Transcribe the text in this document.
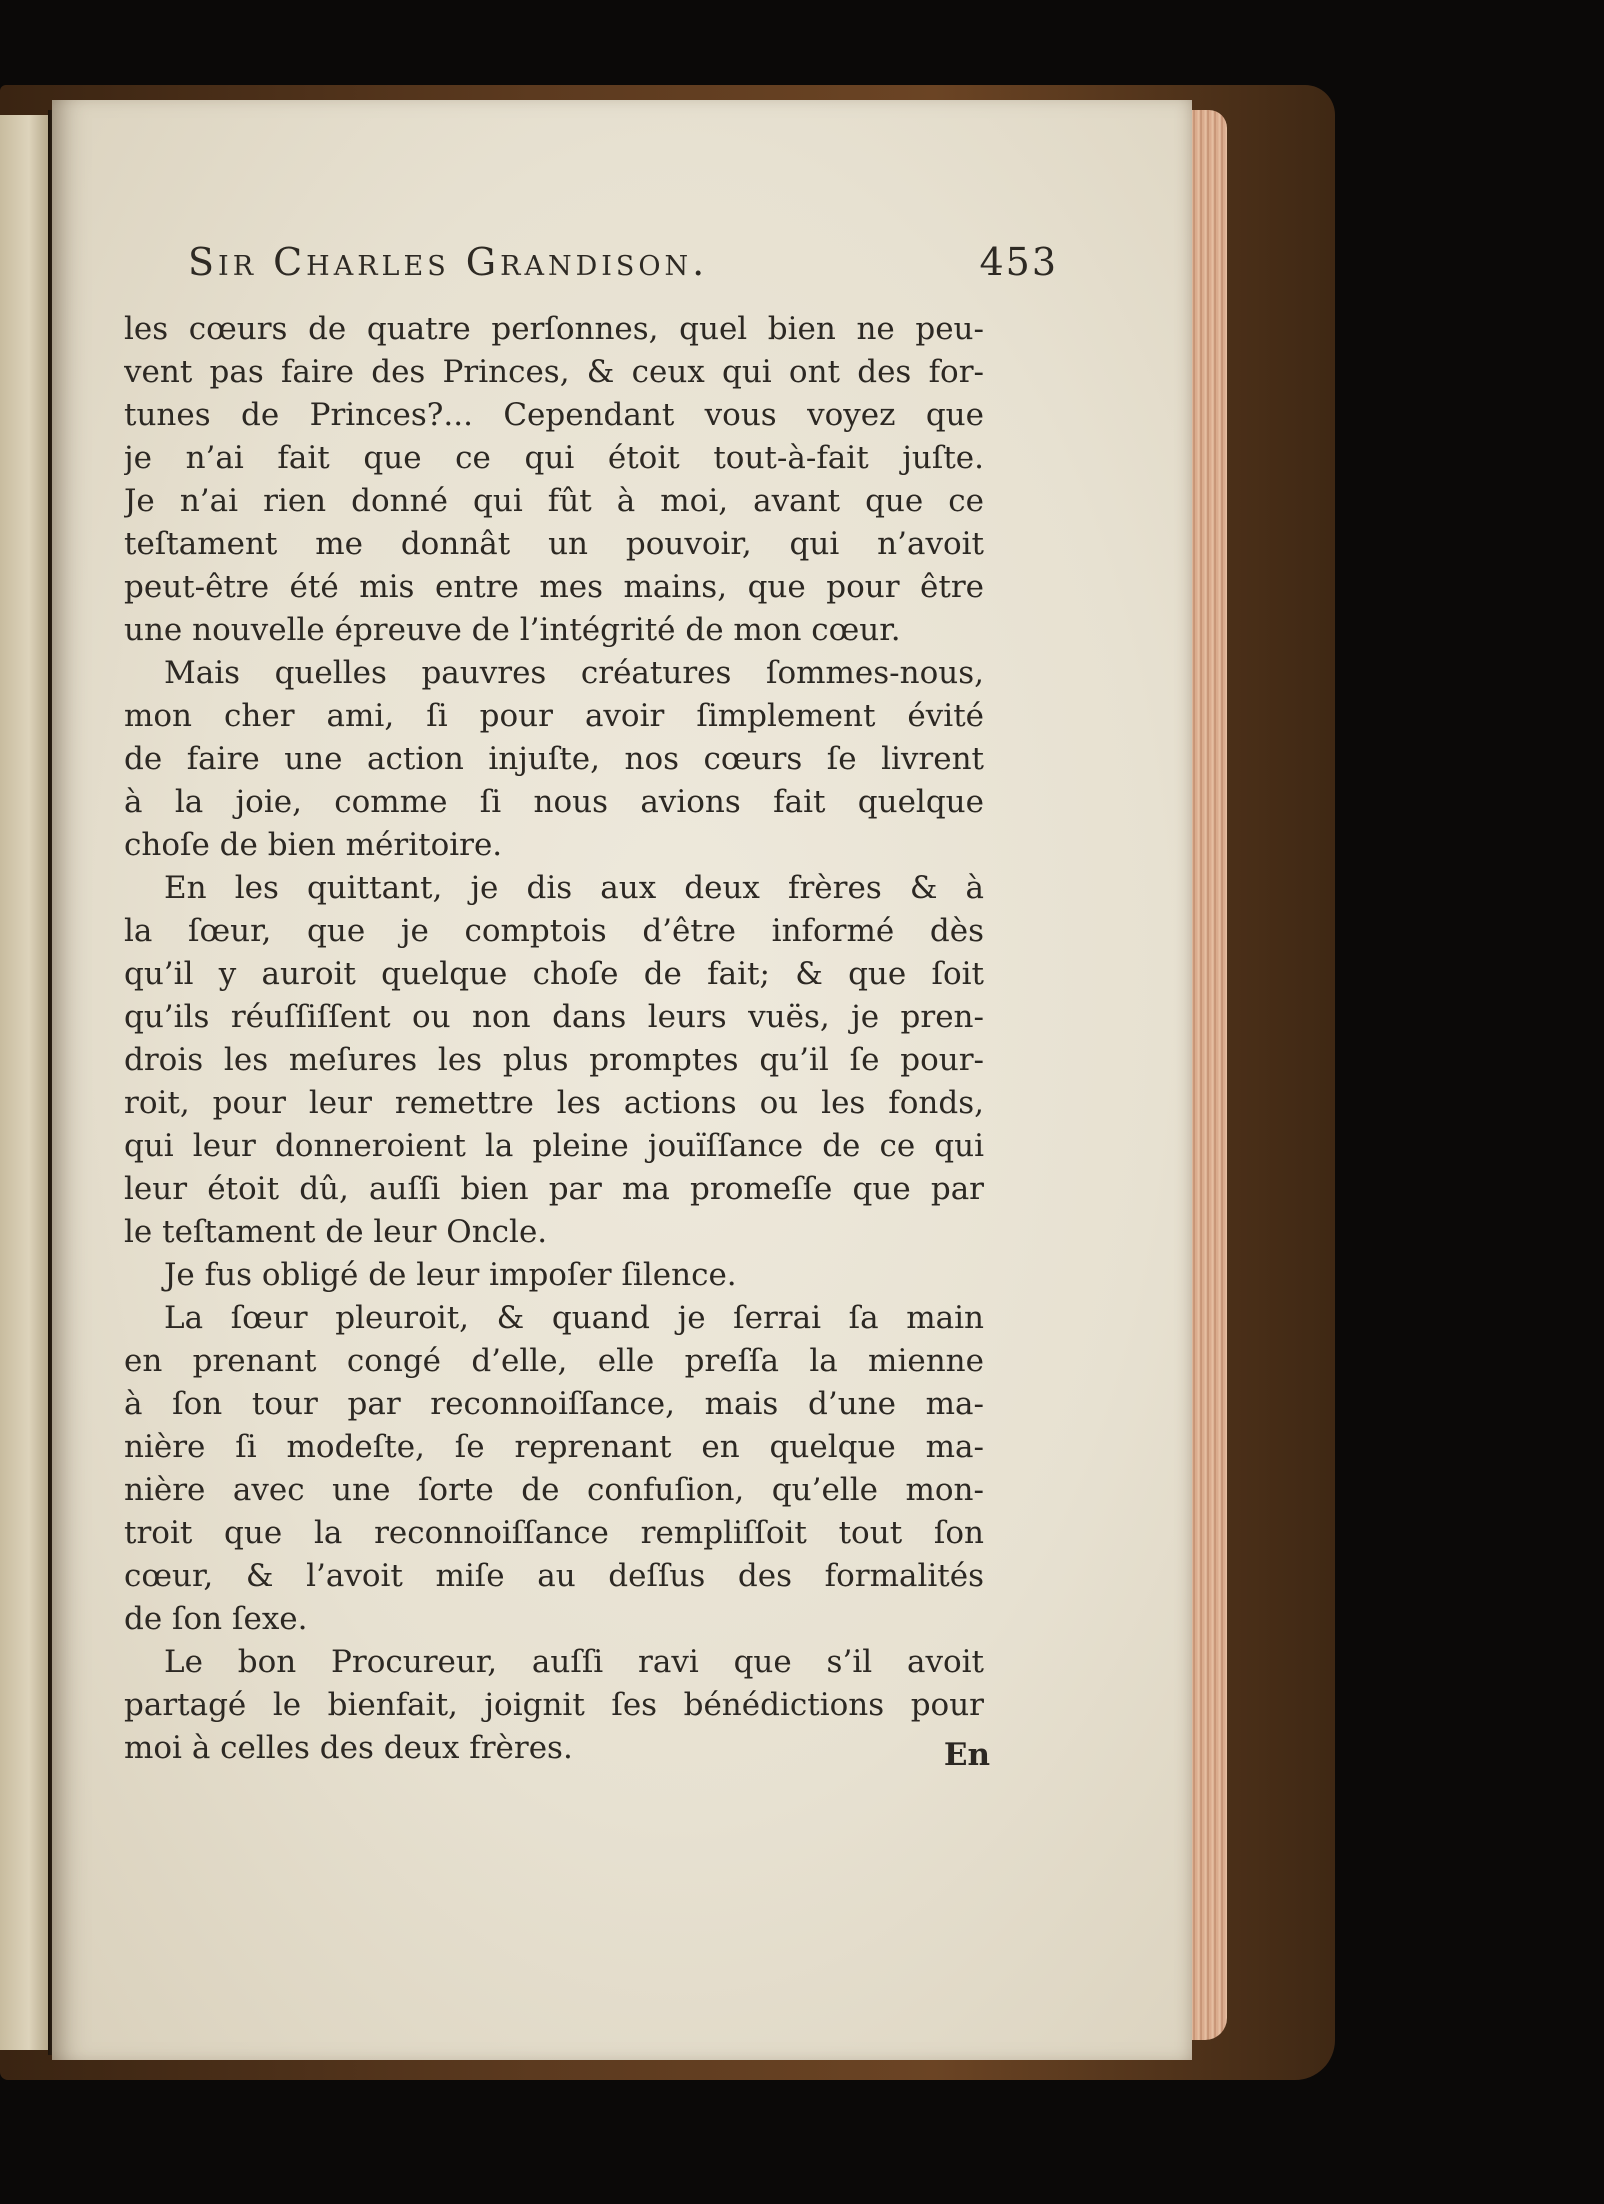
Sir Charles Grandison.	453
les cœurs de quatre perſonnes, quel bien ne peu-
vent pas faire des Princes, & ceux qui ont des for-
tunes de Princes?... Cependant vous voyez que
je n’ai fait que ce qui étoit tout-à-fait juſte.
Je n’ai rien donné qui fût à moi, avant que ce
teſtament me donnât un pouvoir, qui n’avoit
peut-être été mis entre mes mains, que pour être
une nouvelle épreuve de l’intégrité de mon cœur.
Mais quelles pauvres créatures ſommes-nous,
mon cher ami, ſi pour avoir ſimplement évité
de faire une action injuſte, nos cœurs ſe livrent
à la joie, comme ſi nous avions fait quelque
choſe de bien méritoire.
En les quittant, je dis aux deux frères & à
la ſœur, que je comptois d’être informé dès
qu’il y auroit quelque choſe de fait; & que ſoit
qu’ils réuſſiſſent ou non dans leurs vuës, je pren-
drois les meſures les plus promptes qu’il ſe pour-
roit, pour leur remettre les actions ou les fonds,
qui leur donneroient la pleine jouïſſance de ce qui
leur étoit dû, auſſi bien par ma promeſſe que par
le teſtament de leur Oncle.
Je fus obligé de leur impoſer ſilence.
La ſœur pleuroit, & quand je ſerrai ſa main
en prenant congé d’elle, elle preſſa la mienne
à ſon tour par reconnoiſſance, mais d’une ma-
nière ſi modeſte, ſe reprenant en quelque ma-
nière avec une ſorte de confuſion, qu’elle mon-
troit que la reconnoiſſance rempliſſoit tout ſon
cœur, & l’avoit miſe au deſſus des formalités
de ſon ſexe.
Le bon Procureur, auſſi ravi que s’il avoit
partagé le bienfait, joignit ſes bénédictions pour
moi à celles des deux frères.	En
